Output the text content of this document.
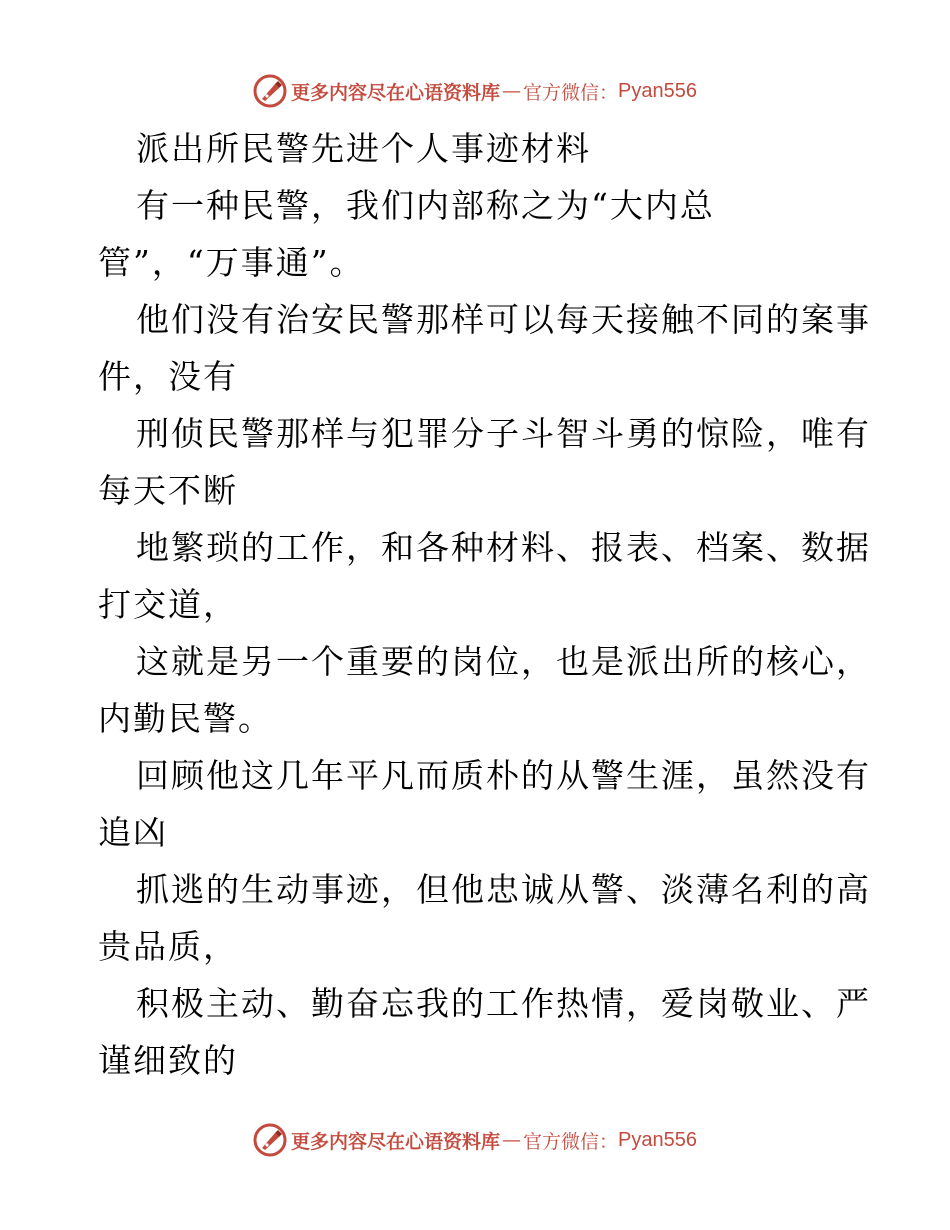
更多内容尽在心语资料库 — 官方微信： Pyan556
派出所民警先进个人事迹材料
有一种民警，我们内部称之为“大内总
管”，“万事通”。
他们没有治安民警那样可以每天接触不同的案事
件，没有
刑侦民警那样与犯罪分子斗智斗勇的惊险，唯有
每天不断
地繁琐的工作，和各种材料、报表、档案、数据
打交道，
这就是另一个重要的岗位，也是派出所的核心，
内勤民警。
回顾他这几年平凡而质朴的从警生涯，虽然没有
追凶
抓逃的生动事迹，但他忠诚从警、淡薄名利的高
贵品质，
积极主动、勤奋忘我的工作热情，爱岗敬业、严
谨细致的
更多内容尽在心语资料库 — 官方微信： Pyan556
